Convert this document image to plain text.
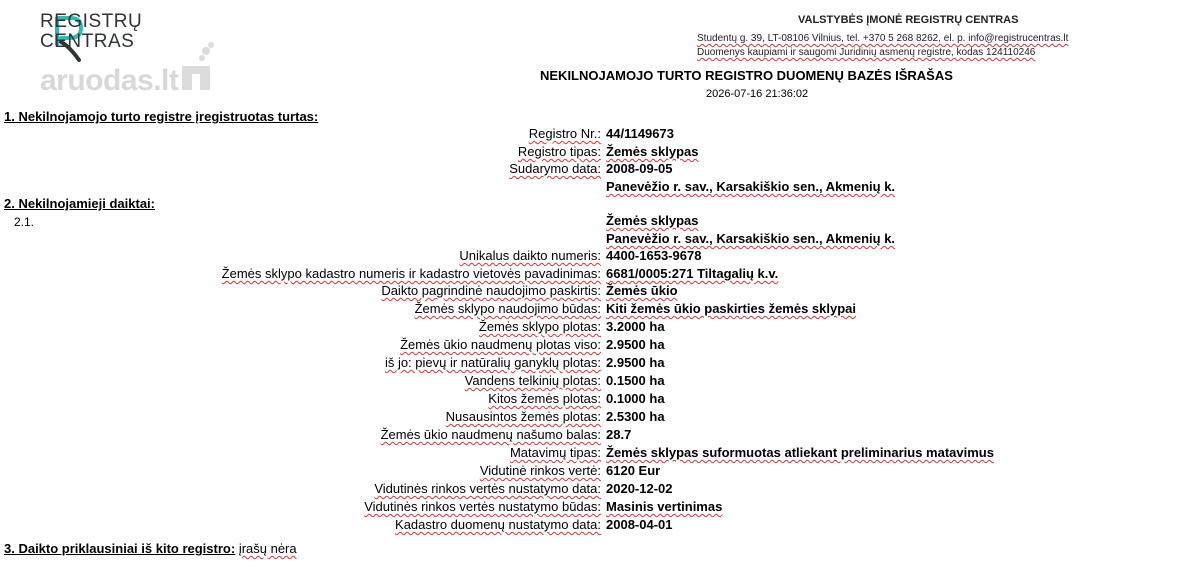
REGISTRŲ
CENTRAS
aruodas.lt
VALSTYBĖS ĮMONĖ REGISTRŲ CENTRAS
Studentų g. 39, LT-08106 Vilnius, tel. +370 5 268 8262, el. p. info@registrucentras.lt
Duomenys kaupiami ir saugomi Juridinių asmenų registre, kodas 124110246
NEKILNOJAMOJO TURTO REGISTRO DUOMENŲ BAZĖS IŠRAŠAS
2026-07-16 21:36:02
1. Nekilnojamojo turto registre įregistruotas turtas:
Registro Nr.: 44/1149673
Registro tipas: Žemės sklypas
Sudarymo data: 2008-09-05
Panevėžio r. sav., Karsakiškio sen., Akmenių k.
2. Nekilnojamieji daiktai:
2.1.	Žemės sklypas
Panevėžio r. sav., Karsakiškio sen., Akmenių k.
Unikalus daikto numeris: 4400-1653-9678
Žemės sklypo kadastro numeris ir kadastro vietovės pavadinimas: 6681/0005:271 Tiltagalių k.v.
Daikto pagrindinė naudojimo paskirtis: Žemės ūkio
Žemės sklypo naudojimo būdas: Kiti žemės ūkio paskirties žemės sklypai
Žemės sklypo plotas: 3.2000 ha
Žemės ūkio naudmenų plotas viso: 2.9500 ha
iš jo: pievų ir natūralių ganyklų plotas: 2.9500 ha
Vandens telkinių plotas: 0.1500 ha
Kitos žemės plotas: 0.1000 ha
Nusausintos žemės plotas: 2.5300 ha
Žemės ūkio naudmenų našumo balas: 28.7
Matavimų tipas: Žemės sklypas suformuotas atliekant preliminarius matavimus
Vidutinė rinkos vertė: 6120 Eur
Vidutinės rinkos vertės nustatymo data: 2020-12-02
Vidutinės rinkos vertės nustatymo būdas: Masinis vertinimas
Kadastro duomenų nustatymo data: 2008-04-01
3. Daikto priklausiniai iš kito registro: įrašų nėra
